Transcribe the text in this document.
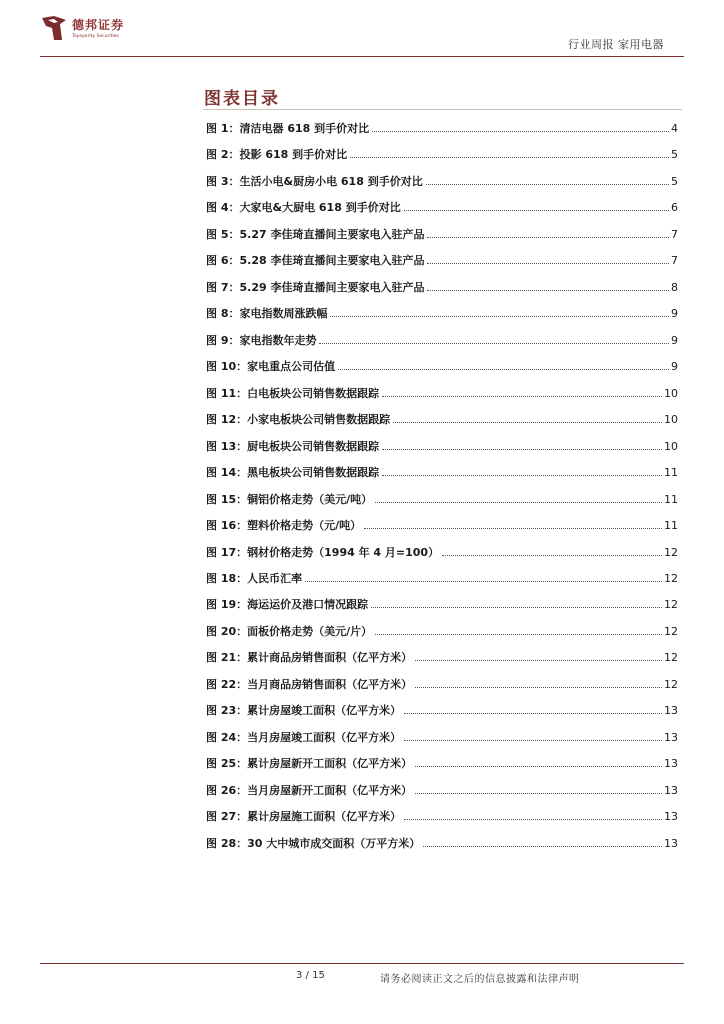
德邦证券
Topsperity Securities
行业周报 家用电器
图表目录
图 1：清洁电器 618 到手价对比	4
图 2：投影 618 到手价对比	5
图 3：生活小电&厨房小电 618 到手价对比	5
图 4：大家电&大厨电 618 到手价对比	6
图 5：5.27 李佳琦直播间主要家电入驻产品	7
图 6：5.28 李佳琦直播间主要家电入驻产品	7
图 7：5.29 李佳琦直播间主要家电入驻产品	8
图 8：家电指数周涨跌幅	9
图 9：家电指数年走势	9
图 10：家电重点公司估值	9
图 11：白电板块公司销售数据跟踪	10
图 12：小家电板块公司销售数据跟踪	10
图 13：厨电板块公司销售数据跟踪	10
图 14：黑电板块公司销售数据跟踪	11
图 15：铜铝价格走势（美元/吨）	11
图 16：塑料价格走势（元/吨）	11
图 17：钢材价格走势（1994 年 4 月=100）	12
图 18：人民币汇率	12
图 19：海运运价及港口情况跟踪	12
图 20：面板价格走势（美元/片）	12
图 21：累计商品房销售面积（亿平方米）	12
图 22：当月商品房销售面积（亿平方米）	12
图 23：累计房屋竣工面积（亿平方米）	13
图 24：当月房屋竣工面积（亿平方米）	13
图 25：累计房屋新开工面积（亿平方米）	13
图 26：当月房屋新开工面积（亿平方米）	13
图 27：累计房屋施工面积（亿平方米）	13
图 28：30 大中城市成交面积（万平方米）	13
3 / 15	请务必阅读正文之后的信息披露和法律声明
